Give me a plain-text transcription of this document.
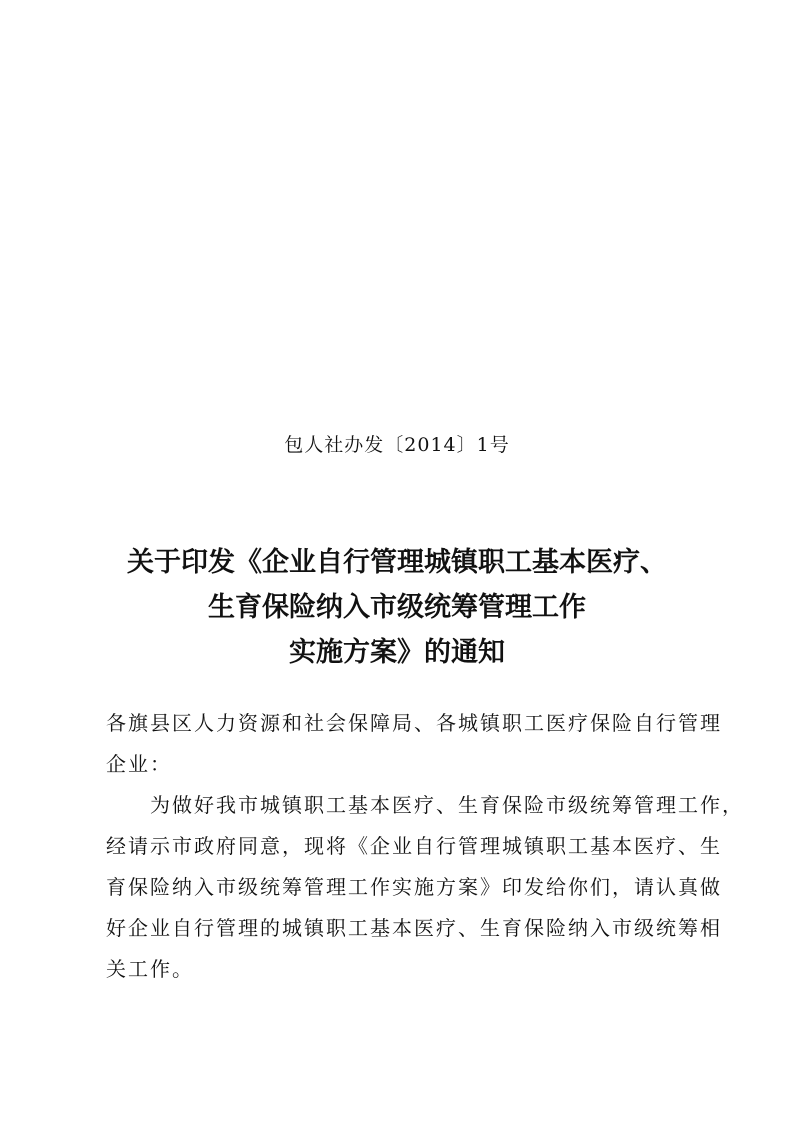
包人社办发〔2014〕1号
关于印发《企业自行管理城镇职工基本医疗、
生育保险纳入市级统筹管理工作
实施方案》的通知

各旗县区人力资源和社会保障局、各城镇职工医疗保险自行管理
企业：

为做好我市城镇职工基本医疗、生育保险市级统筹管理工作，
经请示市政府同意，现将《企业自行管理城镇职工基本医疗、生
育保险纳入市级统筹管理工作实施方案》印发给你们，请认真做
好企业自行管理的城镇职工基本医疗、生育保险纳入市级统筹相
关工作。
